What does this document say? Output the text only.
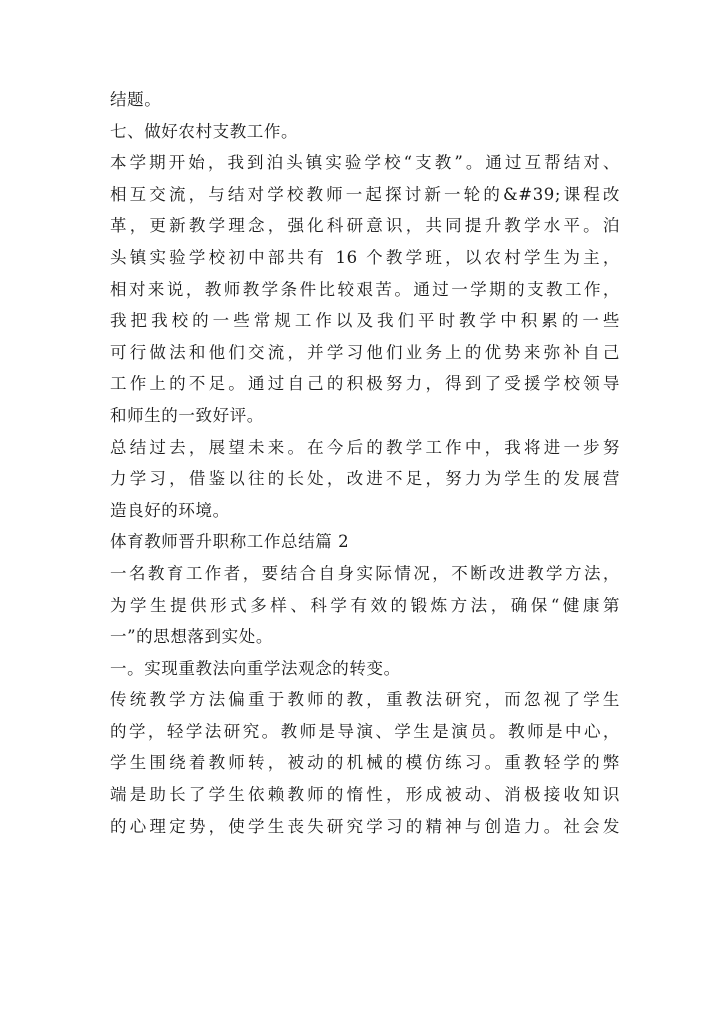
结题。
七、做好农村支教工作。
本学期开始，我到泊头镇实验学校“支教”。通过互帮结对、
相互交流，与结对学校教师一起探讨新一轮的&#39;课程改
革，更新教学理念，强化科研意识，共同提升教学水平。泊
头镇实验学校初中部共有 16 个教学班，以农村学生为主，
相对来说，教师教学条件比较艰苦。通过一学期的支教工作，
我把我校的一些常规工作以及我们平时教学中积累的一些
可行做法和他们交流，并学习他们业务上的优势来弥补自己
工作上的不足。通过自己的积极努力，得到了受援学校领导
和师生的一致好评。
总结过去，展望未来。在今后的教学工作中，我将进一步努
力学习，借鉴以往的长处，改进不足，努力为学生的发展营
造良好的环境。
体育教师晋升职称工作总结篇 2
一名教育工作者，要结合自身实际情况，不断改进教学方法，
为学生提供形式多样、科学有效的锻炼方法，确保“健康第
一”的思想落到实处。
一。实现重教法向重学法观念的转变。
传统教学方法偏重于教师的教，重教法研究，而忽视了学生
的学，轻学法研究。教师是导演、学生是演员。教师是中心，
学生围绕着教师转，被动的机械的模仿练习。重教轻学的弊
端是助长了学生依赖教师的惰性，形成被动、消极接收知识
的心理定势，使学生丧失研究学习的精神与创造力。社会发
